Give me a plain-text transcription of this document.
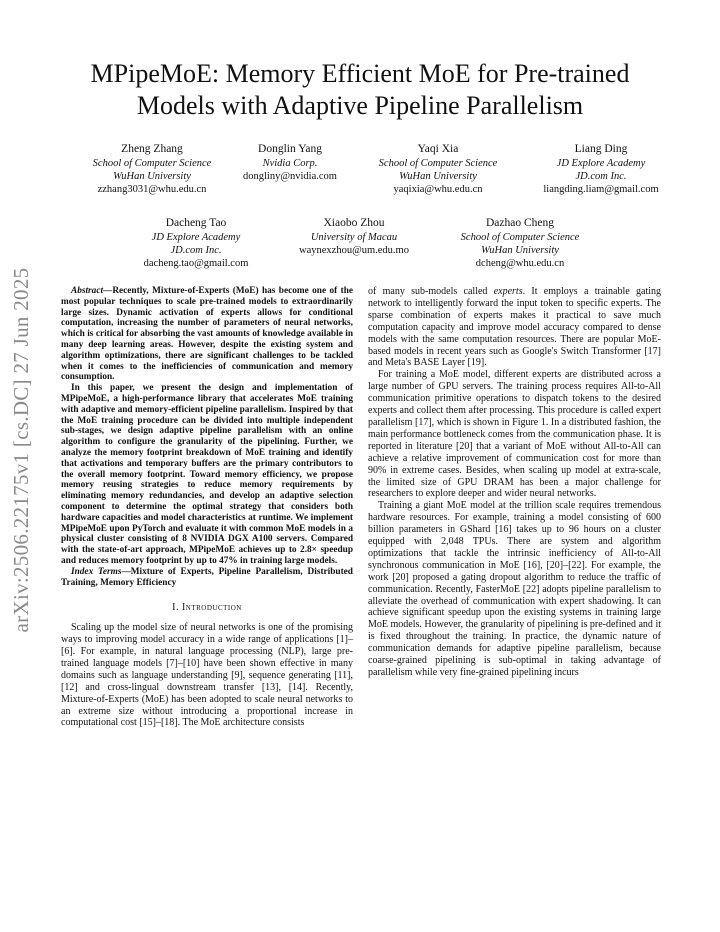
arXiv:2506.22175v1 [cs.DC] 27 Jun 2025
MPipeMoE: Memory Efficient MoE for Pre-trained Models with Adaptive Pipeline Parallelism
Zheng Zhang
School of Computer Science
WuHan University
zzhang3031@whu.edu.cn
Donglin Yang
Nvidia Corp.
dongliny@nvidia.com
Yaqi Xia
School of Computer Science
WuHan University
yaqixia@whu.edu.cn
Liang Ding
JD Explore Academy
JD.com Inc.
liangding.liam@gmail.com
Dacheng Tao
JD Explore Academy
JD.com Inc.
dacheng.tao@gmail.com
Xiaobo Zhou
University of Macau
waynexzhou@um.edu.mo
Dazhao Cheng
School of Computer Science
WuHan University
dcheng@whu.edu.cn

Abstract—Recently, Mixture-of-Experts (MoE) has become one of the most popular techniques to scale pre-trained models to extraordinarily large sizes. Dynamic activation of experts allows for conditional computation, increasing the number of parameters of neural networks, which is critical for absorbing the vast amounts of knowledge available in many deep learning areas. However, despite the existing system and algorithm optimizations, there are significant challenges to be tackled when it comes to the inefficiencies of communication and memory consumption.

In this paper, we present the design and implementation of MPipeMoE, a high-performance library that accelerates MoE training with adaptive and memory-efficient pipeline parallelism. Inspired by that the MoE training procedure can be divided into multiple independent sub-stages, we design adaptive pipeline parallelism with an online algorithm to configure the granularity of the pipelining. Further, we analyze the memory footprint breakdown of MoE training and identify that activations and temporary buffers are the primary contributors to the overall memory footprint. Toward memory efficiency, we propose memory reusing strategies to reduce memory requirements by eliminating memory redundancies, and develop an adaptive selection component to determine the optimal strategy that considers both hardware capacities and model characteristics at runtime. We implement MPipeMoE upon PyTorch and evaluate it with common MoE models in a physical cluster consisting of 8 NVIDIA DGX A100 servers. Compared with the state-of-art approach, MPipeMoE achieves up to 2.8× speedup and reduces memory footprint by up to 47% in training large models.

Index Terms—Mixture of Experts, Pipeline Parallelism, Distributed Training, Memory Efficiency

I. Introduction

Scaling up the model size of neural networks is one of the promising ways to improving model accuracy in a wide range of applications [1]–[6]. For example, in natural language processing (NLP), large pre-trained language models [7]–[10] have been shown effective in many domains such as language understanding [9], sequence generating [11], [12] and cross-lingual downstream transfer [13], [14]. Recently, Mixture-of-Experts (MoE) has been adopted to scale neural networks to an extreme size without introducing a proportional increase in computational cost [15]–[18]. The MoE architecture consists

of many sub-models called experts. It employs a trainable gating network to intelligently forward the input token to specific experts. The sparse combination of experts makes it practical to save much computation capacity and improve model accuracy compared to dense models with the same computation resources. There are popular MoE-based models in recent years such as Google's Switch Transformer [17] and Meta's BASE Layer [19].

For training a MoE model, different experts are distributed across a large number of GPU servers. The training process requires All-to-All communication primitive operations to dispatch tokens to the desired experts and collect them after processing. This procedure is called expert parallelism [17], which is shown in Figure 1. In a distributed fashion, the main performance bottleneck comes from the communication phase. It is reported in literature [20] that a variant of MoE without All-to-All can achieve a relative improvement of communication cost for more than 90% in extreme cases. Besides, when scaling up model at extra-scale, the limited size of GPU DRAM has been a major challenge for researchers to explore deeper and wider neural networks.

Training a giant MoE model at the trillion scale requires tremendous hardware resources. For example, training a model consisting of 600 billion parameters in GShard [16] takes up to 96 hours on a cluster equipped with 2,048 TPUs. There are system and algorithm optimizations that tackle the intrinsic inefficiency of All-to-All synchronous communication in MoE [16], [20]–[22]. For example, the work [20] proposed a gating dropout algorithm to reduce the traffic of communication. Recently, FasterMoE [22] adopts pipeline parallelism to alleviate the overhead of communication with expert shadowing. It can achieve significant speedup upon the existing systems in training large MoE models. However, the granularity of pipelining is pre-defined and it is fixed throughout the training. In practice, the dynamic nature of communication demands for adaptive pipeline parallelism, because coarse-grained pipelining is sub-optimal in taking advantage of parallelism while very fine-grained pipelining incurs
